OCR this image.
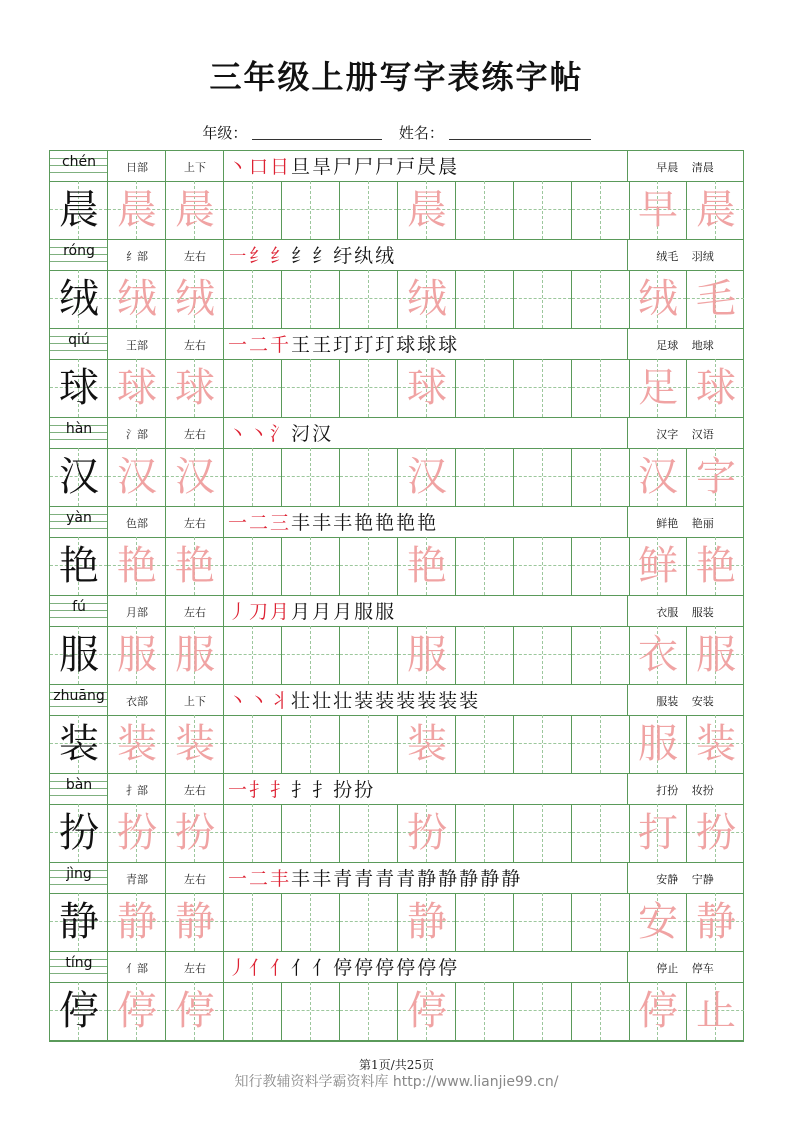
三年级上册写字表练字帖
年级：	姓名：
chén	日部	上下	丶口日旦旱尸尸尸戸昃晨	早晨 清晨
晨 晨 晨	晨	早 晨
róng	纟部	左右	㇐纟纟纟纟纡纨绒	绒毛 羽绒
绒 绒 绒	绒	绒 毛
qiú	王部	左右	一二千王王玎玎玎球球球	足球 地球
球 球 球	球	足 球
hàn	氵部	左右	丶丶氵汈汉	汉字 汉语
汉 汉 汉	汉	汉 字
yàn	色部	左右	一二三丰丰丰艳艳艳艳	鲜艳 艳丽
艳 艳 艳	艳	鲜 艳
fú	月部	左右	丿刀月月月月服服	衣服 服装
服 服 服	服	衣 服
zhuāng	衣部	上下	丶丶丬壮壮壮装装装装装装	服装 安装
装 装 装	装	服 装
bàn	扌部	左右	一扌扌扌扌扮扮	打扮 妆扮
扮 扮 扮	扮	打 扮
jìng	青部	左右	一二丰丰丰青青青青静静静静静	安静 宁静
静 静 静	静	安 静
tíng	亻部	左右	丿亻亻亻亻停停停停停停	停止 停车
停 停 停	停	停 止
第1页/共25页
知行教辅资料学霸资料库 http://www.lianjie99.cn/
